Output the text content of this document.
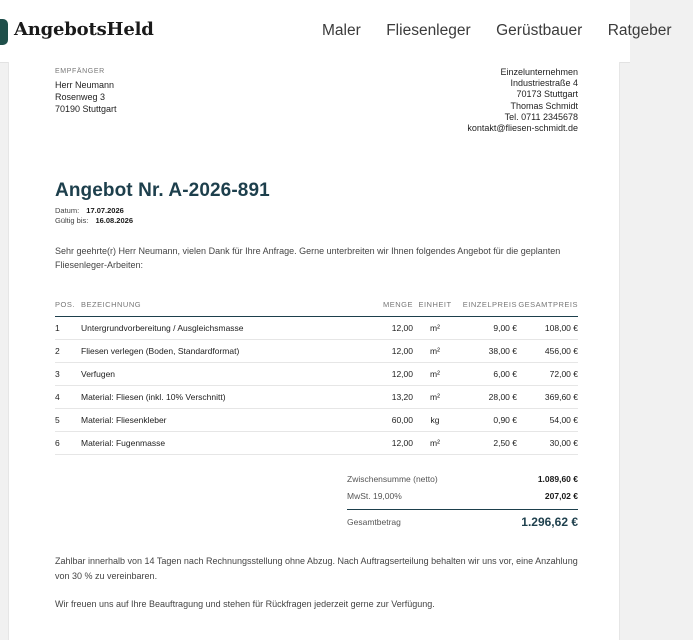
AngebotsHeld	Maler Fliesenleger Gerüstbauer Ratgeber
EMPFÄNGER
Herr Neumann
Rosenweg 3
70190 Stuttgart
Einzelunternehmen
Industriestraße 4
70173 Stuttgart
Thomas Schmidt
Tel. 0711 2345678
kontakt@fliesen-schmidt.de
Angebot Nr. A-2026-891
Datum: 17.07.2026
Gültig bis: 16.08.2026
Sehr geehrte(r) Herr Neumann, vielen Dank für Ihre Anfrage. Gerne unterbreiten wir Ihnen folgendes Angebot für die geplanten Fliesenleger-Arbeiten:
POS.	BEZEICHNUNG	MENGE	EINHEIT	EINZELPREIS	GESAMTPREIS
1	Untergrundvorbereitung / Ausgleichsmasse	12,00	m²	9,00 €	108,00 €
2	Fliesen verlegen (Boden, Standardformat)	12,00	m²	38,00 €	456,00 €
3	Verfugen	12,00	m²	6,00 €	72,00 €
4	Material: Fliesen (inkl. 10% Verschnitt)	13,20	m²	28,00 €	369,60 €
5	Material: Fliesenkleber	60,00	kg	0,90 €	54,00 €
6	Material: Fugenmasse	12,00	m²	2,50 €	30,00 €
Zwischensumme (netto)	1.089,60 €
MwSt. 19,00%	207,02 €
Gesamtbetrag	1.296,62 €
Zahlbar innerhalb von 14 Tagen nach Rechnungsstellung ohne Abzug. Nach Auftragserteilung behalten wir uns vor, eine Anzahlung von 30 % zu vereinbaren.
Wir freuen uns auf Ihre Beauftragung und stehen für Rückfragen jederzeit gerne zur Verfügung.
